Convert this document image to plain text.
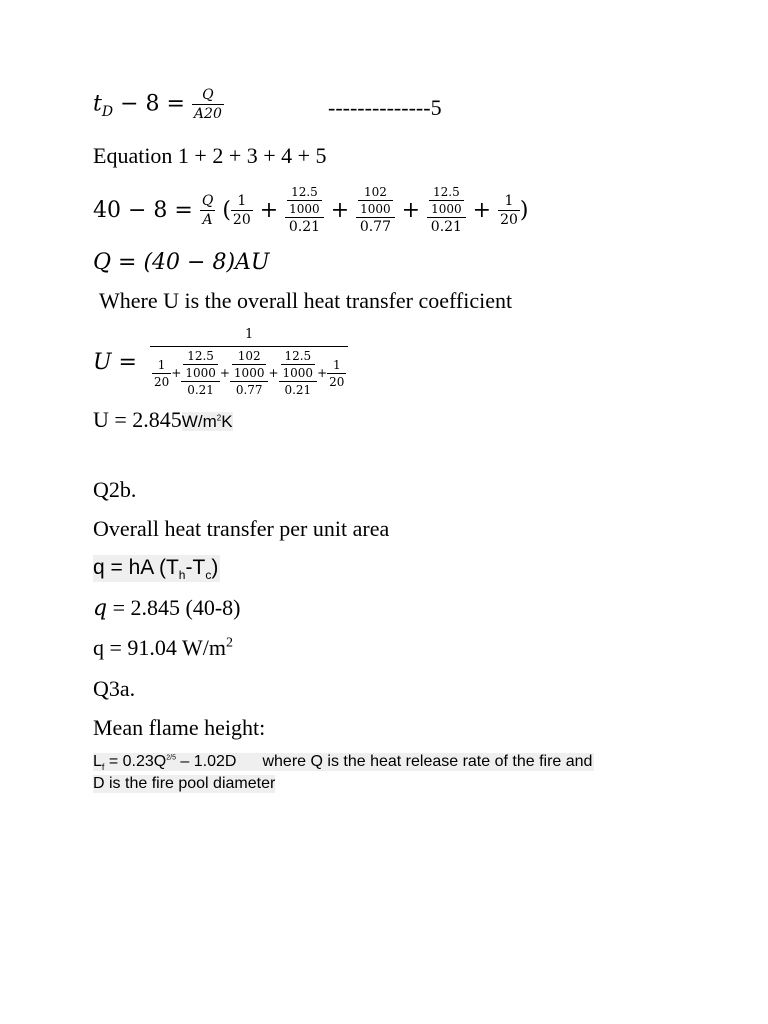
$t_D - 8 = \frac{Q}{A20}$	--------------5
Equation 1 + 2 + 3 + 4 + 5
$40 - 8 = \frac{Q}{A}$ ( $\frac{1}{20} + \frac{\frac{12.5}{1000}}{0.21} + \frac{\frac{102}{1000}}{0.77} + \frac{\frac{12.5}{1000}}{0.21} + \frac{1}{20}$ )
Q = (40 − 8)AU
Where U is the overall heat transfer coefficient
U =
1
$\frac{1}{20} + \frac{\frac{12.5}{1000}}{0.21} + \frac{\frac{102}{1000}}{0.77} + \frac{\frac{12.5}{1000}}{0.21} + \frac{1}{20}$
$U = 2.845W/m^2K$
Q2b.
Overall heat transfer per unit area
q = hA $(T_h-T_c)$
q = 2.845 (40-8)
q = 91.04 $W/m^2$
Q3a.
Mean flame height:
$L_f = 0.23Q^{2/5} - 1.02D$ where Q is the heat release rate of the fire and
D is the fire pool diameter
